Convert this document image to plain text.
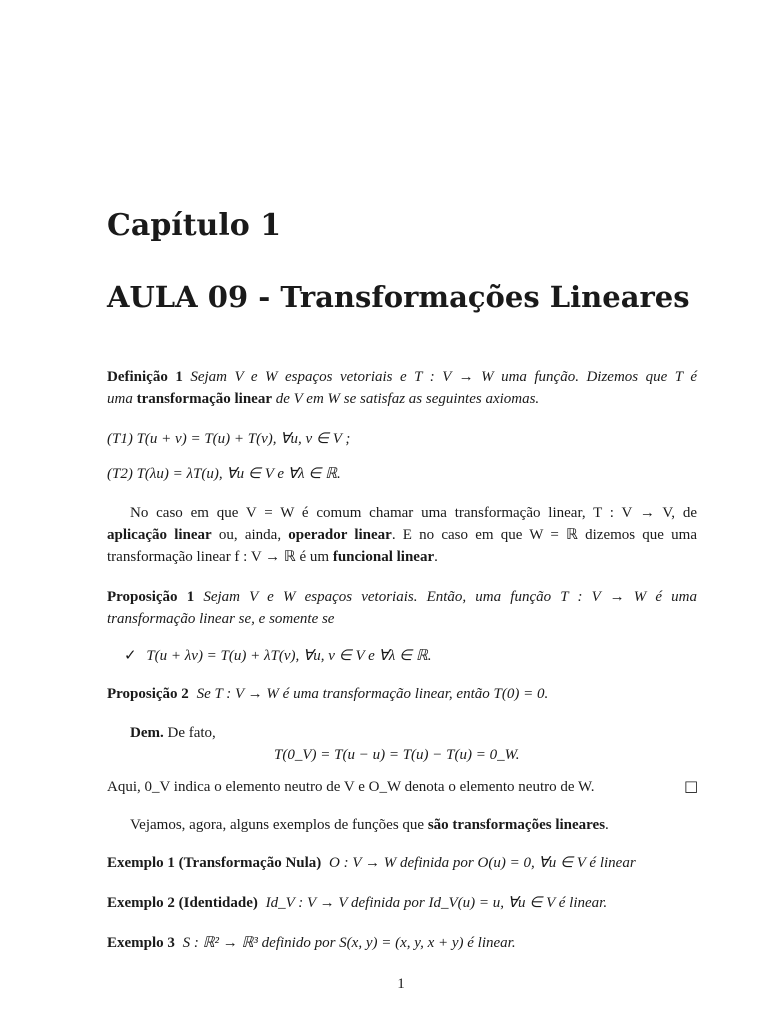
Capítulo 1
AULA 09 - Transformações Lineares
Definição 1 Sejam V e W espaços vetoriais e T : V → W uma função. Dizemos que T é
uma transformação linear de V em W se satisfaz as seguintes axiomas.
(T1) T(u + v) = T(u) + T(v), ∀u, v ∈ V ;
(T2) T(λu) = λT(u), ∀u ∈ V e ∀λ ∈ ℝ.
No caso em que V = W é comum chamar uma transformação linear, T : V → V, de
aplicação linear ou, ainda, operador linear. E no caso em que W = ℝ dizemos que uma
transformação linear f : V → ℝ é um funcional linear.
Proposição 1 Sejam V e W espaços vetoriais. Então, uma função T : V → W é uma
transformação linear se, e somente se
✓ T(u + λv) = T(u) + λT(v), ∀u, v ∈ V e ∀λ ∈ ℝ.
Proposição 2 Se T : V → W é uma transformação linear, então T(0) = 0.
Dem. De fato,
T(0_V) = T(u − u) = T(u) − T(u) = 0_W.
Aqui, 0_V indica o elemento neutro de V e O_W denota o elemento neutro de W.	□
Vejamos, agora, alguns exemplos de funções que são transformações lineares.
Exemplo 1 (Transformação Nula) O : V → W definida por O(u) = 0, ∀u ∈ V é linear
Exemplo 2 (Identidade) Id_V : V → V definida por Id_V(u) = u, ∀u ∈ V é linear.
Exemplo 3 S : ℝ² → ℝ³ definido por S(x, y) = (x, y, x + y) é linear.
1
